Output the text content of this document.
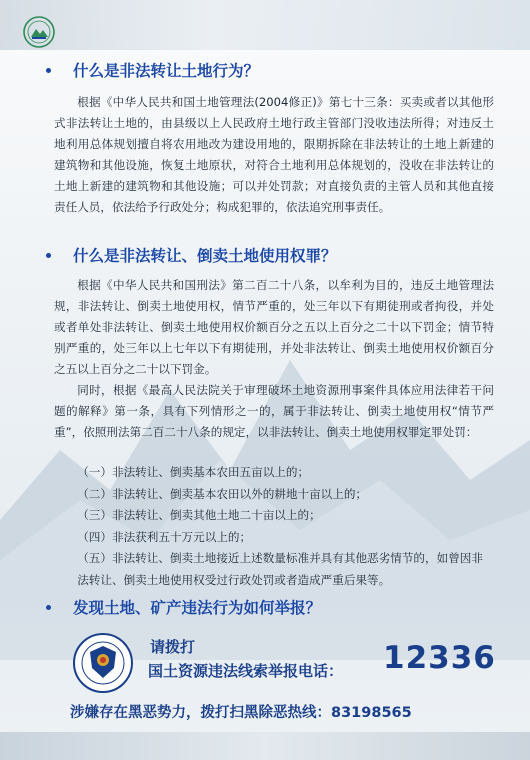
什么是非法转让土地行为？
根据《中华人民共和国土地管理法(2004修正)》第七十三条：买卖或者以其他形式非法转让土地的，由县级以上人民政府土地行政主管部门没收违法所得；对违反土地利用总体规划擅自将农用地改为建设用地的，限期拆除在非法转让的土地上新建的建筑物和其他设施，恢复土地原状，对符合土地利用总体规划的，没收在非法转让的土地上新建的建筑物和其他设施；可以并处罚款；对直接负责的主管人员和其他直接责任人员，依法给予行政处分；构成犯罪的，依法追究刑事责任。
什么是非法转让、倒卖土地使用权罪？
根据《中华人民共和国刑法》第二百二十八条，以牟利为目的，违反土地管理法规，非法转让、倒卖土地使用权，情节严重的，处三年以下有期徒刑或者拘役，并处或者单处非法转让、倒卖土地使用权价额百分之五以上百分之二十以下罚金；情节特别严重的，处三年以上七年以下有期徒刑，并处非法转让、倒卖土地使用权价额百分之五以上百分之二十以下罚金。
同时，根据《最高人民法院关于审理破坏土地资源刑事案件具体应用法律若干问题的解释》第一条，具有下列情形之一的，属于非法转让、倒卖土地使用权“情节严重”，依照刑法第二百二十八条的规定，以非法转让、倒卖土地使用权罪定罪处罚：
（一）非法转让、倒卖基本农田五亩以上的；
（二）非法转让、倒卖基本农田以外的耕地十亩以上的；
（三）非法转让、倒卖其他土地二十亩以上的；
（四）非法获利五十万元以上的；
（五）非法转让、倒卖土地接近上述数量标准并具有其他恶劣情节的，如曾因非法转让、倒卖土地使用权受过行政处罚或者造成严重后果等。
发现土地、矿产违法行为如何举报？
请拨打
国土资源违法线索举报电话： 12336
涉嫌存在黑恶势力，拨打扫黑除恶热线：83198565
